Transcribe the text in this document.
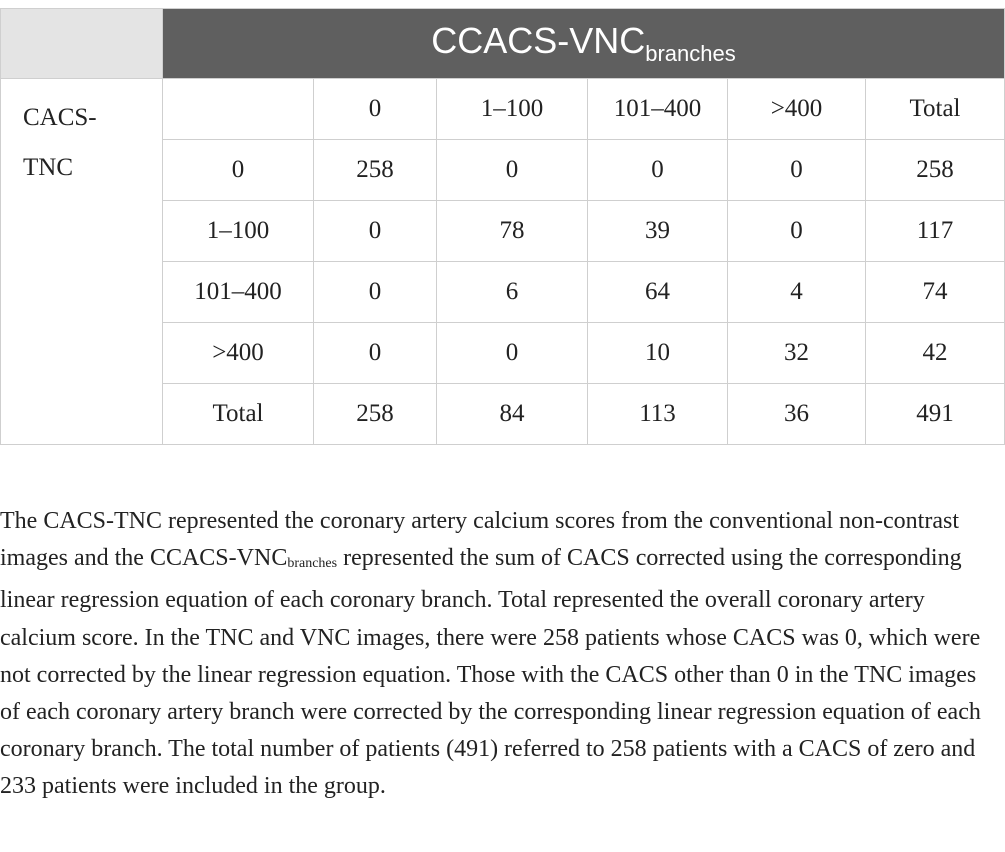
	CCACS-$VNC_{branches}$
CACS-
TNC		0	1–100	101–400	>400	Total
	0	258	0	0	0	258
	1–100	0	78	39	0	117
	101–400	0	6	64	4	74
	>400	0	0	10	32	42
	Total	258	84	113	36	491

The CACS-TNC represented the coronary artery calcium scores from the conventional non-contrast images and the CCACS-$VNC_{branches}$ represented the sum of CACS corrected using the corresponding linear regression equation of each coronary branch. Total represented the overall coronary artery calcium score. In the TNC and VNC images, there were 258 patients whose CACS was 0, which were not corrected by the linear regression equation. Those with the CACS other than 0 in the TNC images of each coronary artery branch were corrected by the corresponding linear regression equation of each coronary branch. The total number of patients (491) referred to 258 patients with a CACS of zero and 233 patients were included in the group.
